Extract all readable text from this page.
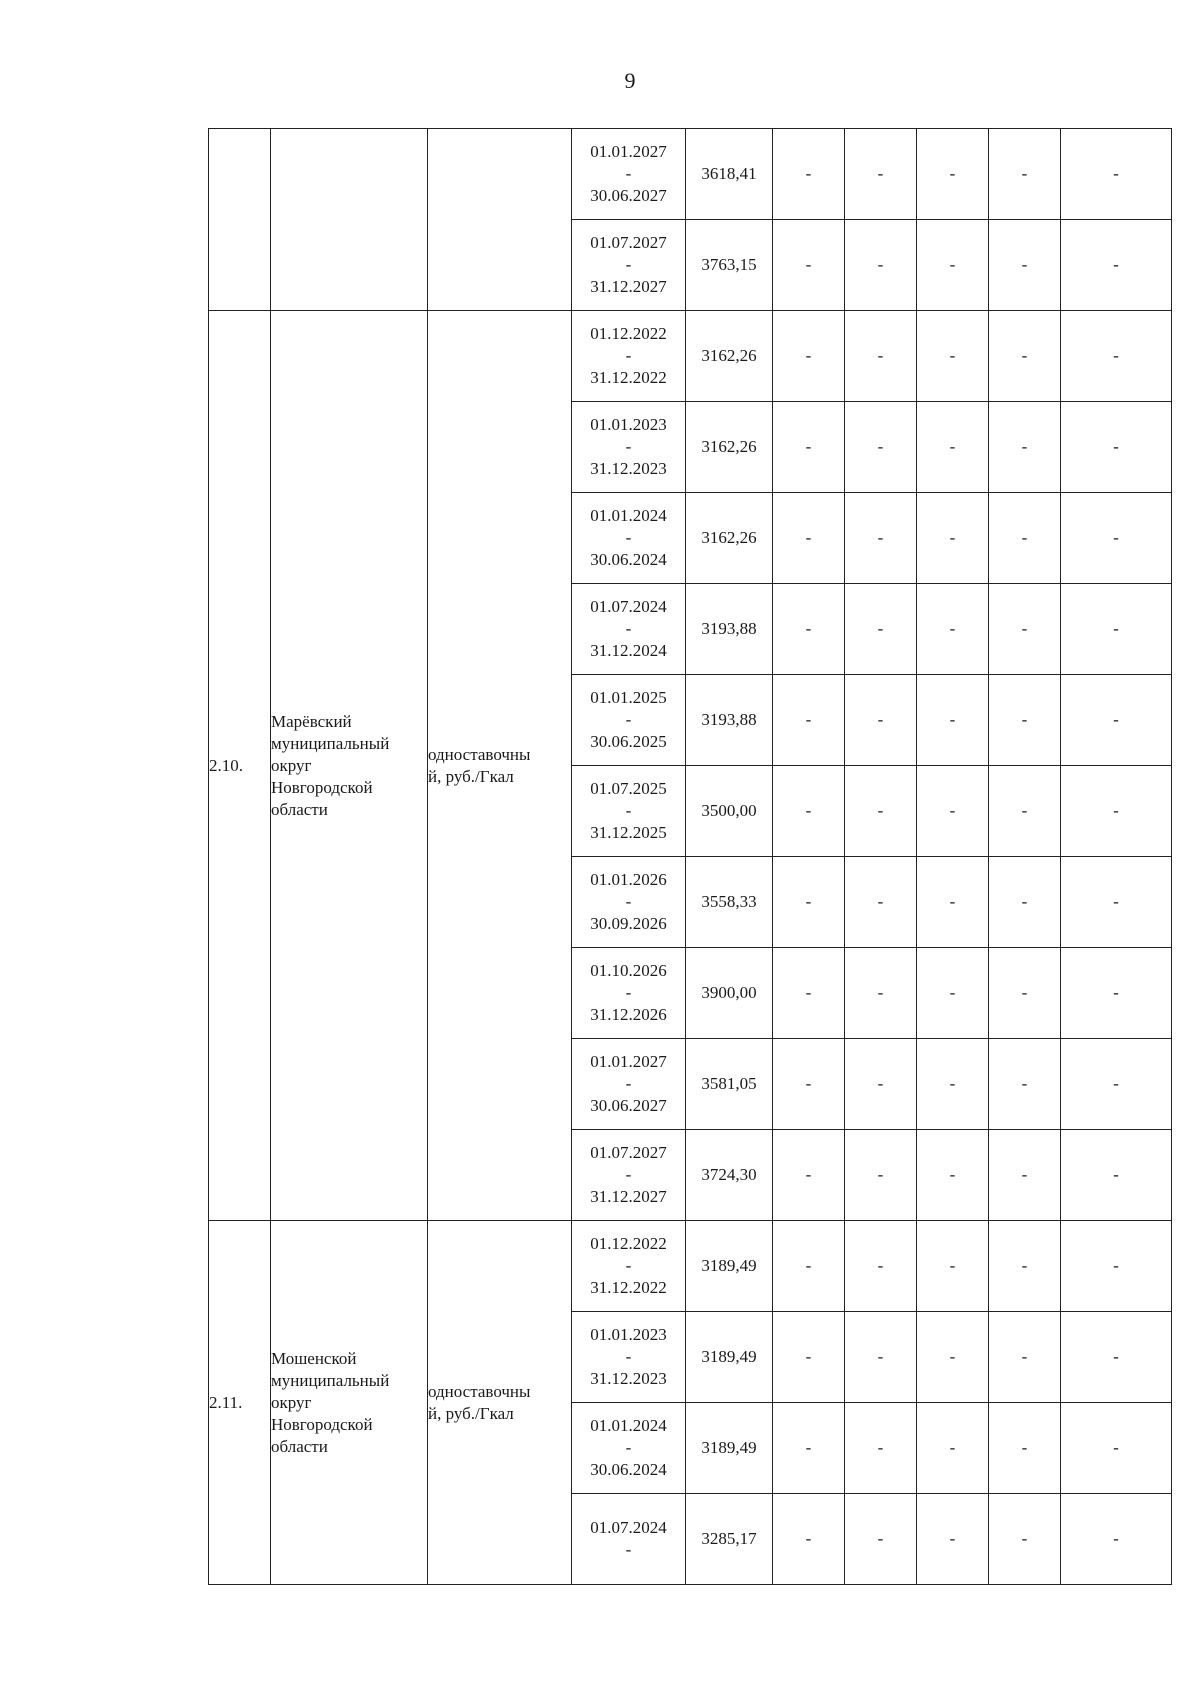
9

			01.01.2027
-
30.06.2027	3618,41	-	-	-	-	-

			01.07.2027
-
31.12.2027	3763,15	-	-	-	-	-
2.10.	Марёвский
муниципальный
округ
Новгородской
области	одноставочны
й, руб./Гкал	01.12.2022
-
31.12.2022	3162,26	-	-	-	-	-

			01.01.2023
-
31.12.2023	3162,26	-	-	-	-	-

			01.01.2024
-
30.06.2024	3162,26	-	-	-	-	-

			01.07.2024
-
31.12.2024	3193,88	-	-	-	-	-

			01.01.2025
-
30.06.2025	3193,88	-	-	-	-	-

			01.07.2025
-
31.12.2025	3500,00	-	-	-	-	-

			01.01.2026
-
30.09.2026	3558,33	-	-	-	-	-

			01.10.2026
-
31.12.2026	3900,00	-	-	-	-	-

			01.01.2027
-
30.06.2027	3581,05	-	-	-	-	-

			01.07.2027
-
31.12.2027	3724,30	-	-	-	-	-
2.11.	Мошенской
муниципальный
округ
Новгородской
области	одноставочны
й, руб./Гкал	01.12.2022
-
31.12.2022	3189,49	-	-	-	-	-

			01.01.2023
-
31.12.2023	3189,49	-	-	-	-	-

			01.01.2024
-
30.06.2024	3189,49	-	-	-	-	-

			01.07.2024
-	3285,17	-	-	-	-	-
